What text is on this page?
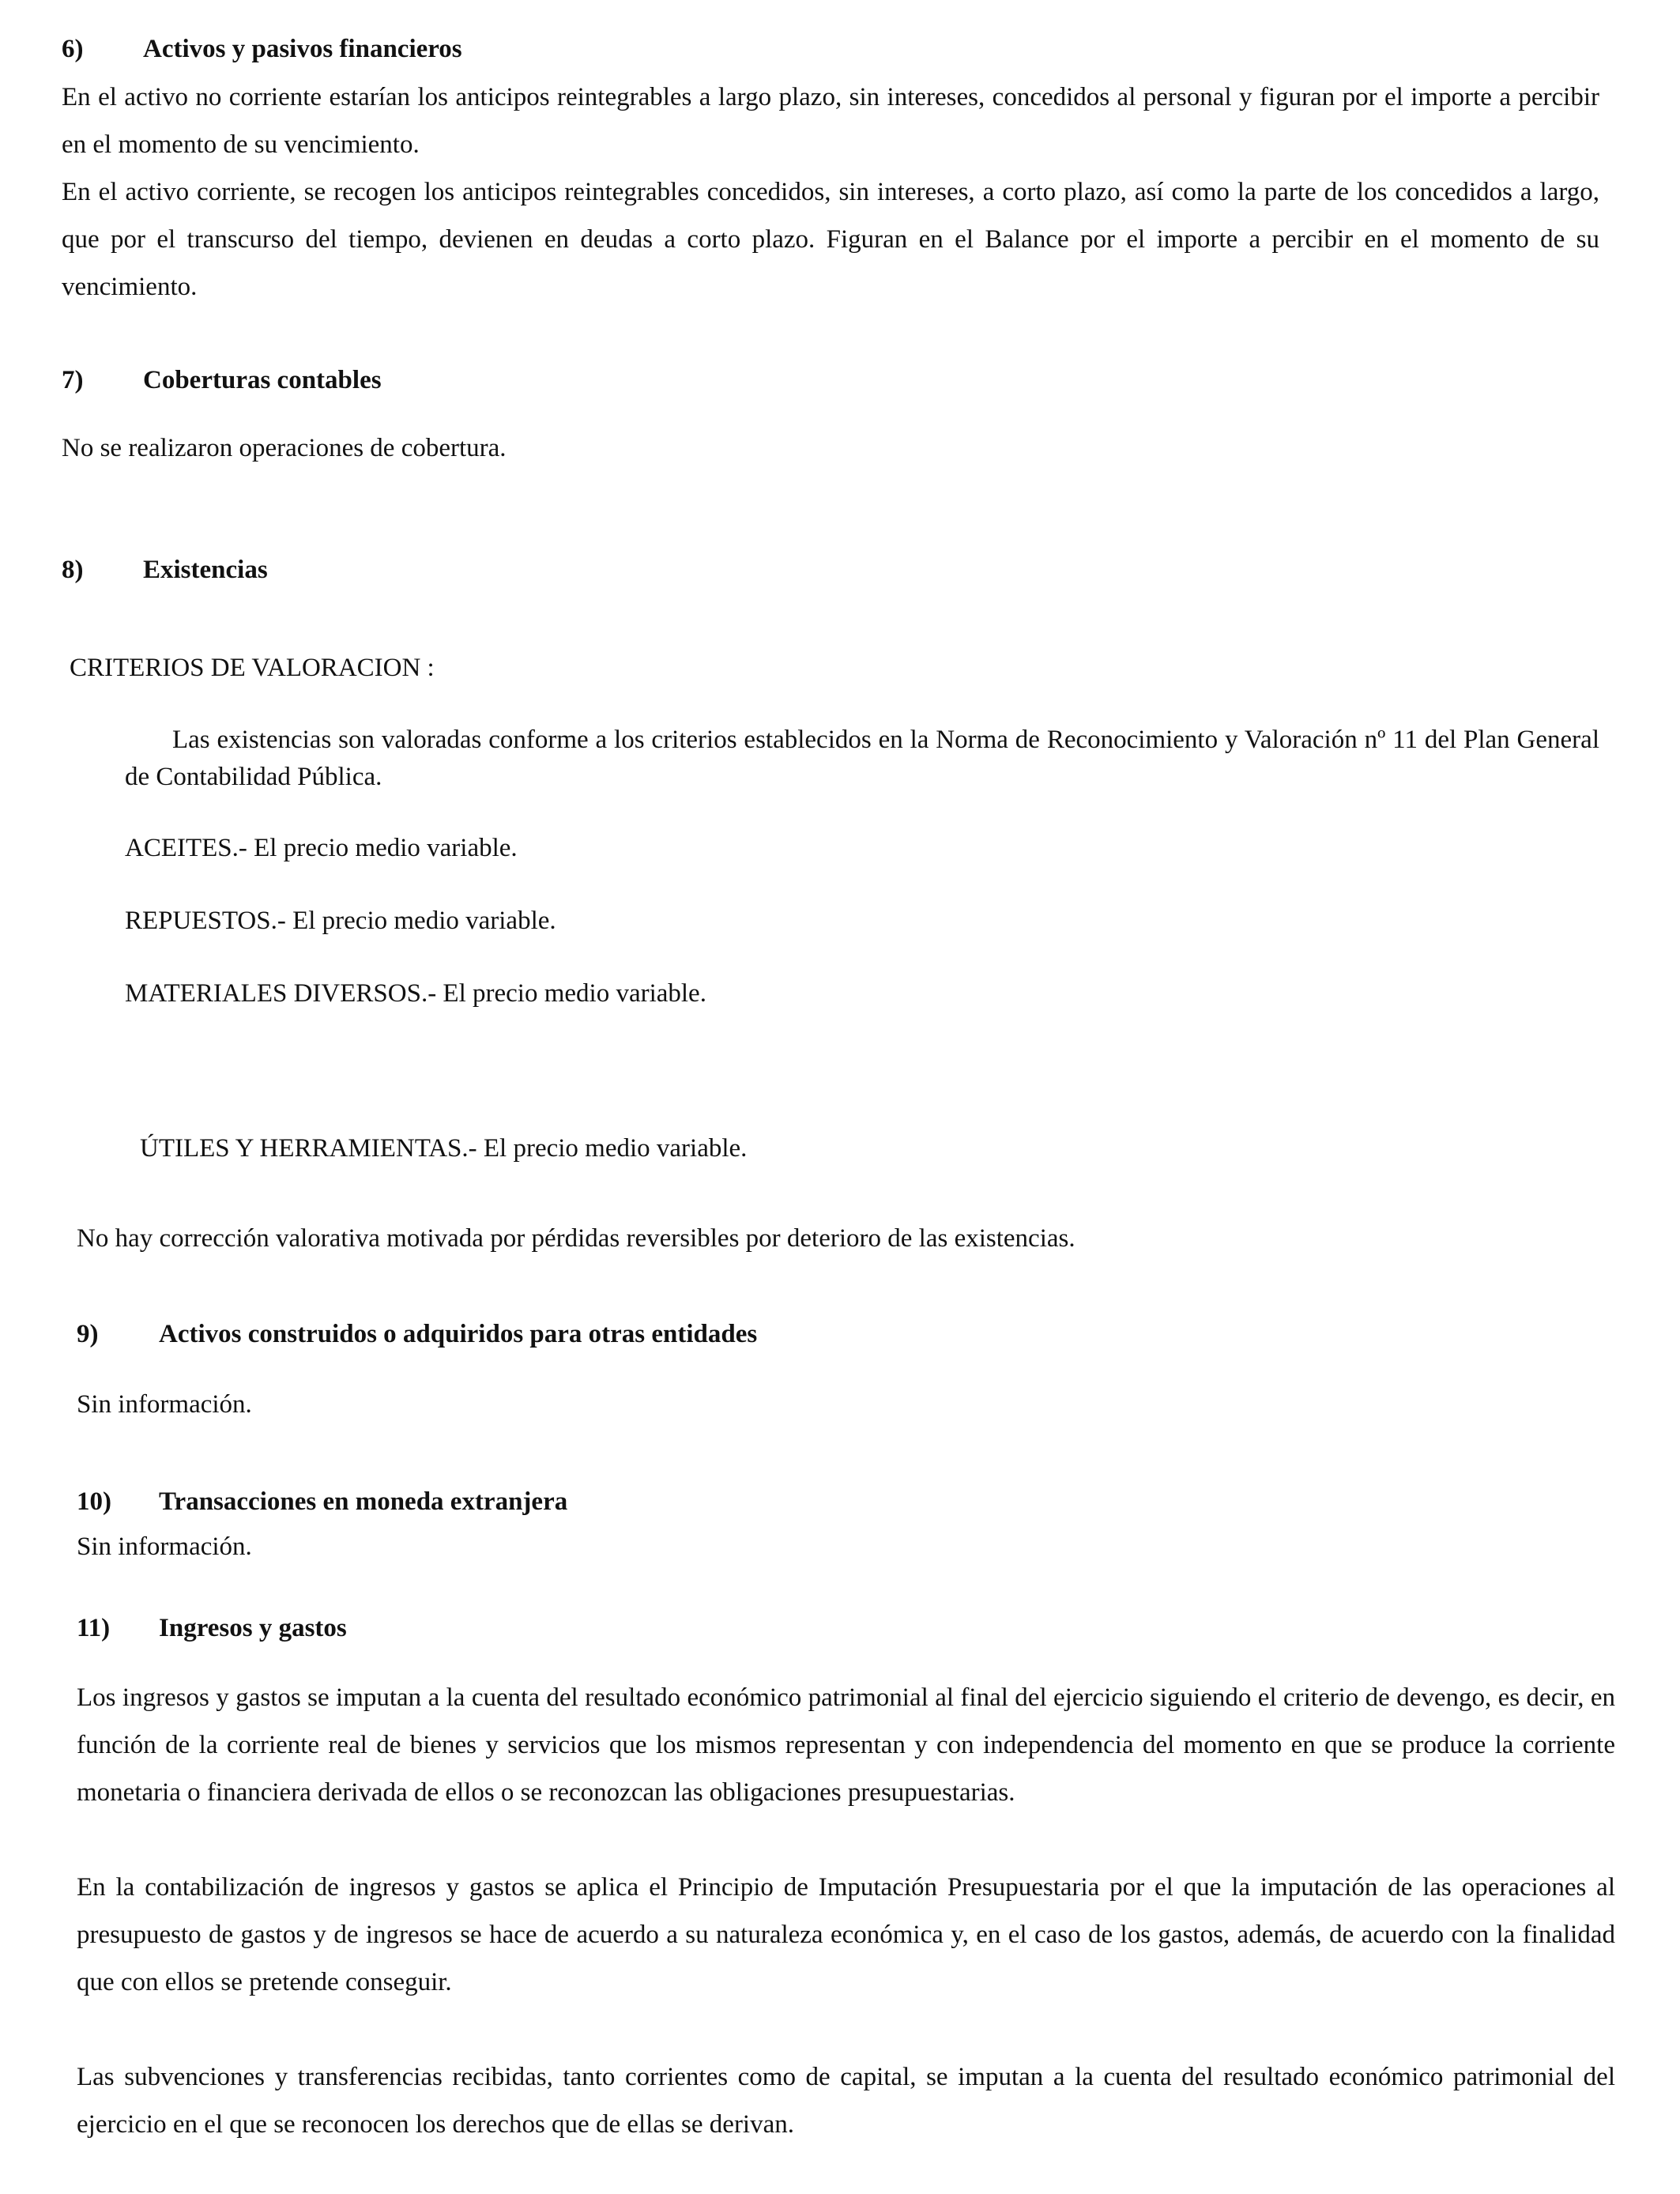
6) Activos y pasivos financieros
En el activo no corriente estarían los anticipos reintegrables a largo plazo, sin intereses, concedidos al personal y figuran por el importe a percibir en el momento de su vencimiento.
En el activo corriente, se recogen los anticipos reintegrables concedidos, sin intereses, a corto plazo, así como la parte de los concedidos a largo, que por el transcurso del tiempo, devienen en deudas a corto plazo. Figuran en el Balance por el importe a percibir en el momento de su vencimiento.
7) Coberturas contables
No se realizaron operaciones de cobertura.
8) Existencias
CRITERIOS DE VALORACION :
Las existencias son valoradas conforme a los criterios establecidos en la Norma de Reconocimiento y Valoración nº 11 del Plan General de Contabilidad Pública.
ACEITES.- El precio medio variable.
REPUESTOS.- El precio medio variable.
MATERIALES DIVERSOS.- El precio medio variable.
ÚTILES Y HERRAMIENTAS.- El precio medio variable.
No hay corrección valorativa motivada por pérdidas reversibles por deterioro de las existencias.
9) Activos construidos o adquiridos para otras entidades
Sin información.
10) Transacciones en moneda extranjera
Sin información.
11) Ingresos y gastos
Los ingresos y gastos se imputan a la cuenta del resultado económico patrimonial al final del ejercicio siguiendo el criterio de devengo, es decir, en función de la corriente real de bienes y servicios que los mismos representan y con independencia del momento en que se produce la corriente monetaria o financiera derivada de ellos o se reconozcan las obligaciones presupuestarias.
En la contabilización de ingresos y gastos se aplica el Principio de Imputación Presupuestaria por el que la imputación de las operaciones al presupuesto de gastos y de ingresos se hace de acuerdo a su naturaleza económica y, en el caso de los gastos, además, de acuerdo con la finalidad que con ellos se pretende conseguir.
Las subvenciones y transferencias recibidas, tanto corrientes como de capital, se imputan a la cuenta del resultado económico patrimonial del ejercicio en el que se reconocen los derechos que de ellas se derivan.
